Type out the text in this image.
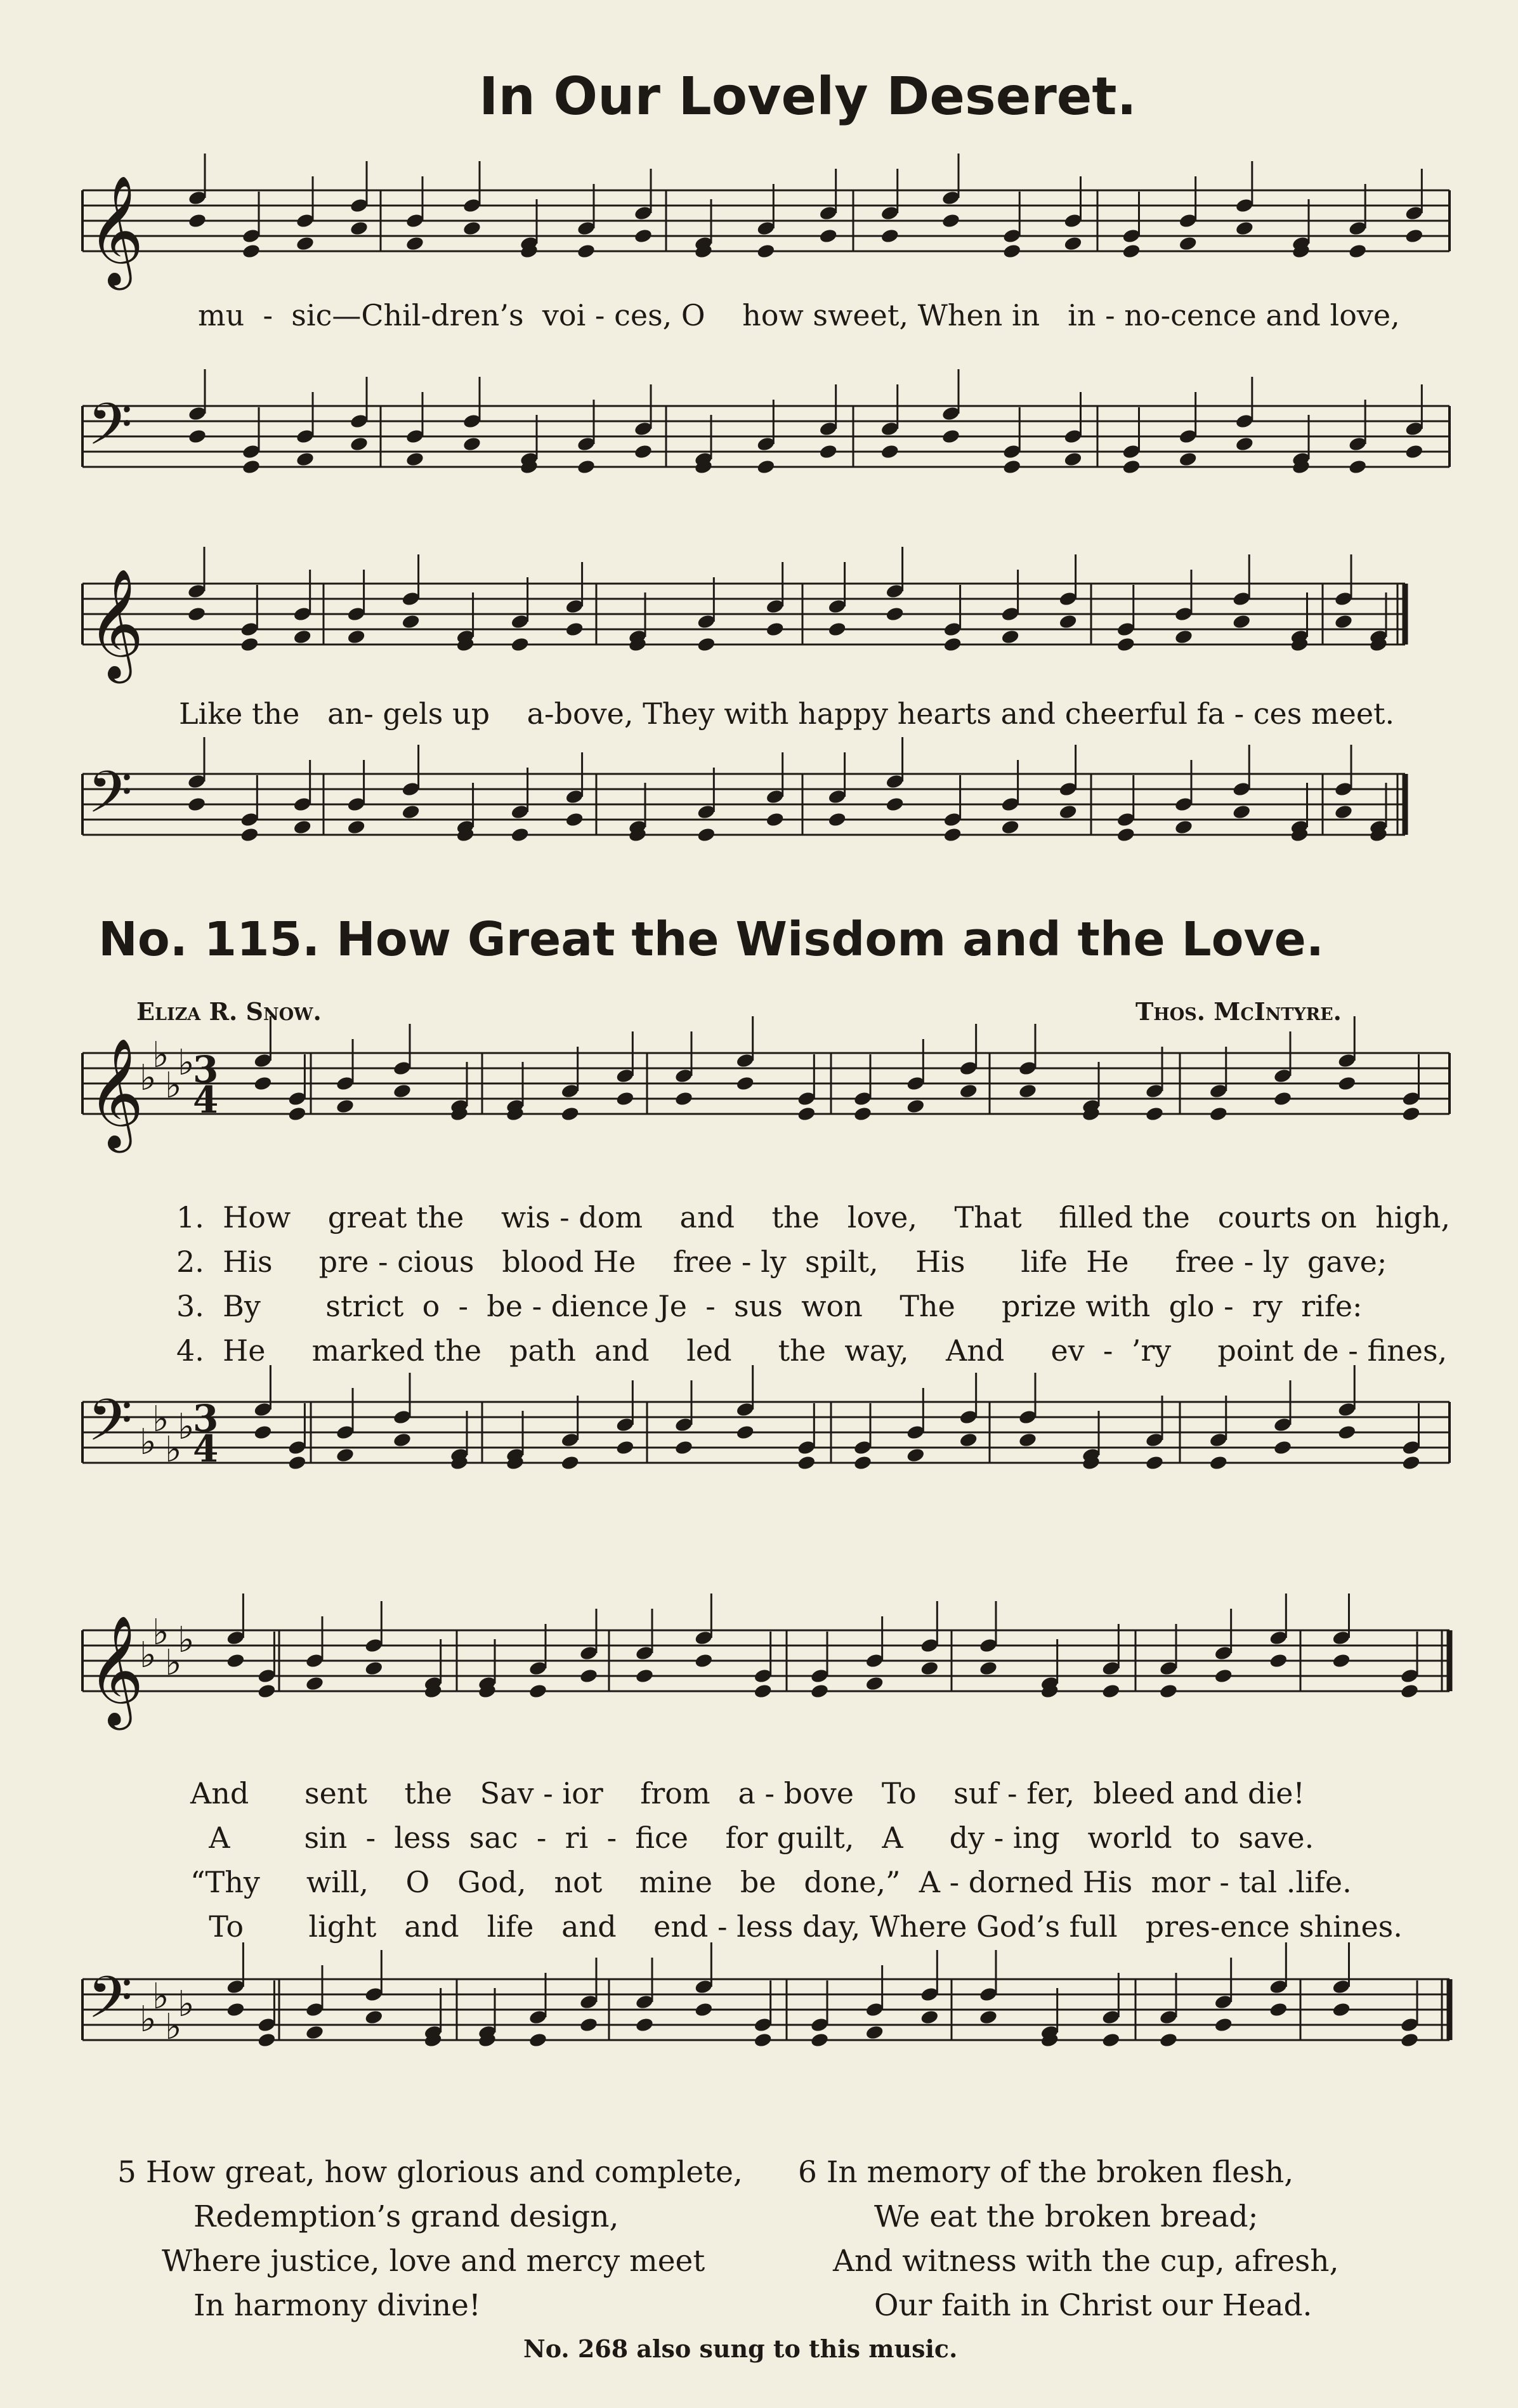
In Our Lovely Deseret.
𝄞
mu  -  sic—Chil-dren’s  voi - ces, O    how sweet, When in   in - no-cence and love,
𝄢
𝄞
Like the   an- gels up    a-bove, They with happy hearts and cheerful fa - ces meet.
𝄢
No. 115. How Great the Wisdom and the Love.
Eliza R. Snow.	Thos. McIntyre.
𝄞
♭
♭
♭
♭
3
4
1.  How    great the    wis - dom    and    the   love,    That    filled the   courts on  high,
2.  His     pre - cious   blood He    free - ly  spilt,    His      life  He     free - ly  gave;
3.  By       strict  o  -  be - dience Je  -  sus  won    The     prize with  glo -  ry  rife:
4.  He     marked the   path  and    led     the  way,    And     ev  -  ’ry     point de - fines,
𝄢 ♭
♭
♭
♭
3
4
𝄞
♭
♭
♭
♭
And      sent    the   Sav - ior    from   a - bove   To    suf - fer,  bleed and die!
A        sin  -  less  sac  -  ri  -  fice    for guilt,   A     dy - ing   world  to  save.
“Thy     will,    O   God,   not    mine   be   done,”  A - dorned His  mor - tal .life.
To       light   and   life   and    end - less day, Where God’s full   pres-ence shines.
𝄢 ♭
♭
♭
♭
5 How great, how glorious and complete,
Redemption’s grand design,
Where justice, love and mercy meet
In harmony divine!
6 In memory of the broken flesh,
We eat the broken bread;
And witness with the cup, afresh,
Our faith in Christ our Head.
No. 268 also sung to this music.
